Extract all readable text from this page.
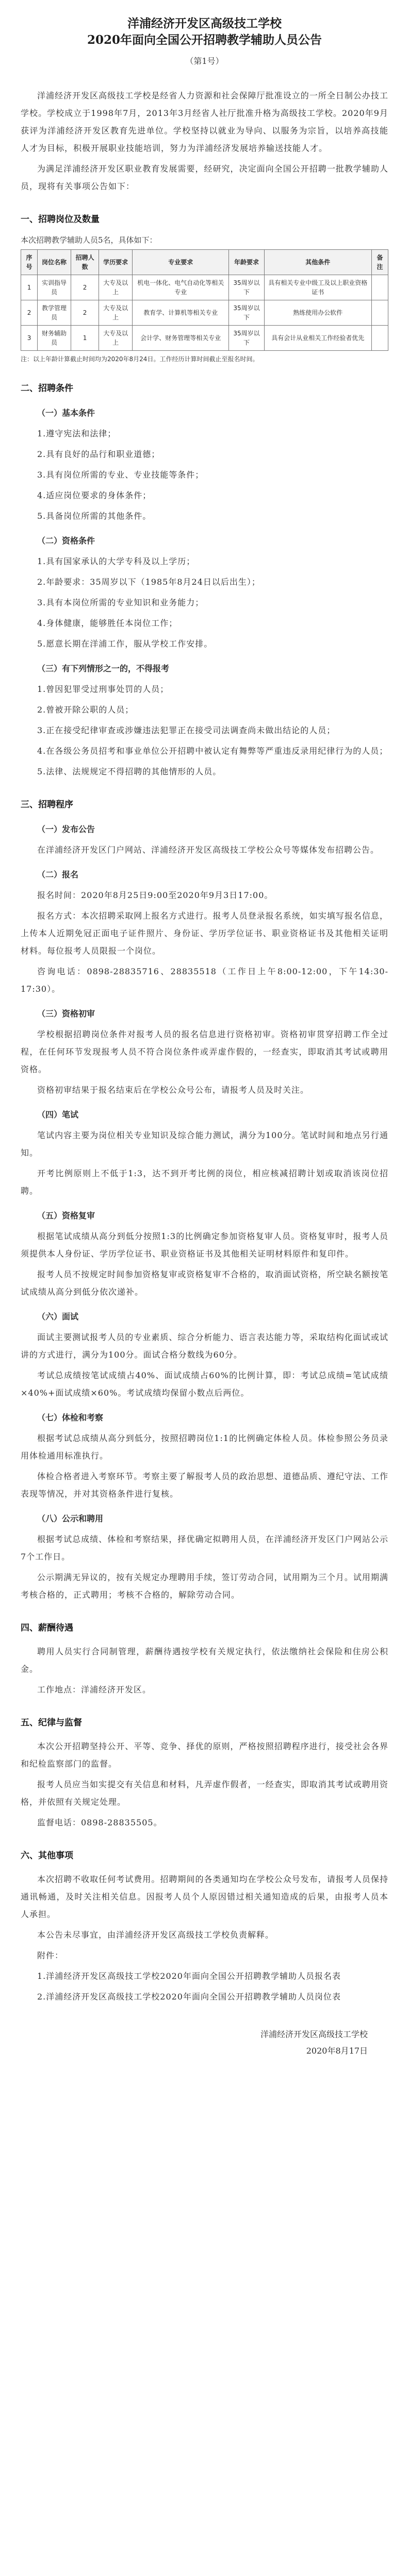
洋浦经济开发区高级技工学校
2020年面向全国公开招聘教学辅助人员公告
（第1号）

洋浦经济开发区高级技工学校是经省人力资源和社会保障厅批准设立的一所全日制公办技工学校。学校成立于1998年7月，2013年3月经省人社厅批准升格为高级技工学校。2020年9月获评为洋浦经济开发区教育先进单位。学校坚持以就业为导向、以服务为宗旨，以培养高技能人才为目标，积极开展职业技能培训，努力为洋浦经济发展培养输送技能人才。

为满足洋浦经济开发区职业教育发展需要，经研究，决定面向全国公开招聘一批教学辅助人员，现将有关事项公告如下：

一、招聘岗位及数量
本次招聘教学辅助人员5名，具体如下：
序号	岗位名称	招聘人数	学历要求	专业要求	年龄要求	其他条件	备注
1	实训指导员	2	大专及以上	机电一体化、电气自动化等相关专业	35周岁以下	具有相关专业中级工及以上职业资格证书	
2	教学管理员	2	大专及以上	教育学、计算机等相关专业	35周岁以下	熟练使用办公软件	
3	财务辅助员	1	大专及以上	会计学、财务管理等相关专业	35周岁以下	具有会计从业相关工作经验者优先	
注：以上年龄计算截止时间均为2020年8月24日。工作经历计算时间截止至报名时间。
二、招聘条件
（一）基本条件

1.遵守宪法和法律；

2.具有良好的品行和职业道德；

3.具有岗位所需的专业、专业技能等条件；

4.适应岗位要求的身体条件；

5.具备岗位所需的其他条件。

（二）资格条件

1.具有国家承认的大学专科及以上学历；

2.年龄要求：35周岁以下（1985年8月24日以后出生）；

3.具有本岗位所需的专业知识和业务能力；

4.身体健康，能够胜任本岗位工作；

5.愿意长期在洋浦工作，服从学校工作安排。

（三）有下列情形之一的，不得报考

1.曾因犯罪受过刑事处罚的人员；

2.曾被开除公职的人员；

3.正在接受纪律审查或涉嫌违法犯罪正在接受司法调查尚未做出结论的人员；

4.在各级公务员招考和事业单位公开招聘中被认定有舞弊等严重违反录用纪律行为的人员；

5.法律、法规规定不得招聘的其他情形的人员。

三、招聘程序
（一）发布公告

在洋浦经济开发区门户网站、洋浦经济开发区高级技工学校公众号等媒体发布招聘公告。

（二）报名

报名时间：2020年8月25日9:00至2020年9月3日17:00。

报名方式：本次招聘采取网上报名方式进行。报考人员登录报名系统，如实填写报名信息，上传本人近期免冠正面电子证件照片、身份证、学历学位证书、职业资格证书及其他相关证明材料。每位报考人员限报一个岗位。

咨询电话：0898-28835716、28835518（工作日上午8:00-12:00，下午14:30-17:30）。

（三）资格初审

学校根据招聘岗位条件对报考人员的报名信息进行资格初审。资格初审贯穿招聘工作全过程，在任何环节发现报考人员不符合岗位条件或弄虚作假的，一经查实，即取消其考试或聘用资格。

资格初审结果于报名结束后在学校公众号公布，请报考人员及时关注。

（四）笔试

笔试内容主要为岗位相关专业知识及综合能力测试，满分为100分。笔试时间和地点另行通知。

开考比例原则上不低于1:3，达不到开考比例的岗位，相应核减招聘计划或取消该岗位招聘。

（五）资格复审

根据笔试成绩从高分到低分按照1:3的比例确定参加资格复审人员。资格复审时，报考人员须提供本人身份证、学历学位证书、职业资格证书及其他相关证明材料原件和复印件。

报考人员不按规定时间参加资格复审或资格复审不合格的，取消面试资格，所空缺名额按笔试成绩从高分到低分依次递补。

（六）面试

面试主要测试报考人员的专业素质、综合分析能力、语言表达能力等，采取结构化面试或试讲的方式进行，满分为100分。面试合格分数线为60分。

考试总成绩按笔试成绩占40%、面试成绩占60%的比例计算，即：考试总成绩=笔试成绩×40%+面试成绩×60%。考试成绩均保留小数点后两位。

（七）体检和考察

根据考试总成绩从高分到低分，按照招聘岗位1:1的比例确定体检人员。体检参照公务员录用体检通用标准执行。

体检合格者进入考察环节。考察主要了解报考人员的政治思想、道德品质、遵纪守法、工作表现等情况，并对其资格条件进行复核。

（八）公示和聘用

根据考试总成绩、体检和考察结果，择优确定拟聘用人员，在洋浦经济开发区门户网站公示7个工作日。

公示期满无异议的，按有关规定办理聘用手续，签订劳动合同，试用期为三个月。试用期满考核合格的，正式聘用；考核不合格的，解除劳动合同。

四、薪酬待遇

聘用人员实行合同制管理，薪酬待遇按学校有关规定执行，依法缴纳社会保险和住房公积金。

工作地点：洋浦经济开发区。

五、纪律与监督

本次公开招聘坚持公开、平等、竞争、择优的原则，严格按照招聘程序进行，接受社会各界和纪检监察部门的监督。

报考人员应当如实提交有关信息和材料，凡弄虚作假者，一经查实，即取消其考试或聘用资格，并依照有关规定处理。

监督电话：0898-28835505。

六、其他事项

本次招聘不收取任何考试费用。招聘期间的各类通知均在学校公众号发布，请报考人员保持通讯畅通，及时关注相关信息。因报考人员个人原因错过相关通知造成的后果，由报考人员本人承担。

本公告未尽事宜，由洋浦经济开发区高级技工学校负责解释。

附件：

1.洋浦经济开发区高级技工学校2020年面向全国公开招聘教学辅助人员报名表

2.洋浦经济开发区高级技工学校2020年面向全国公开招聘教学辅助人员岗位表

洋浦经济开发区高级技工学校
2020年8月17日
